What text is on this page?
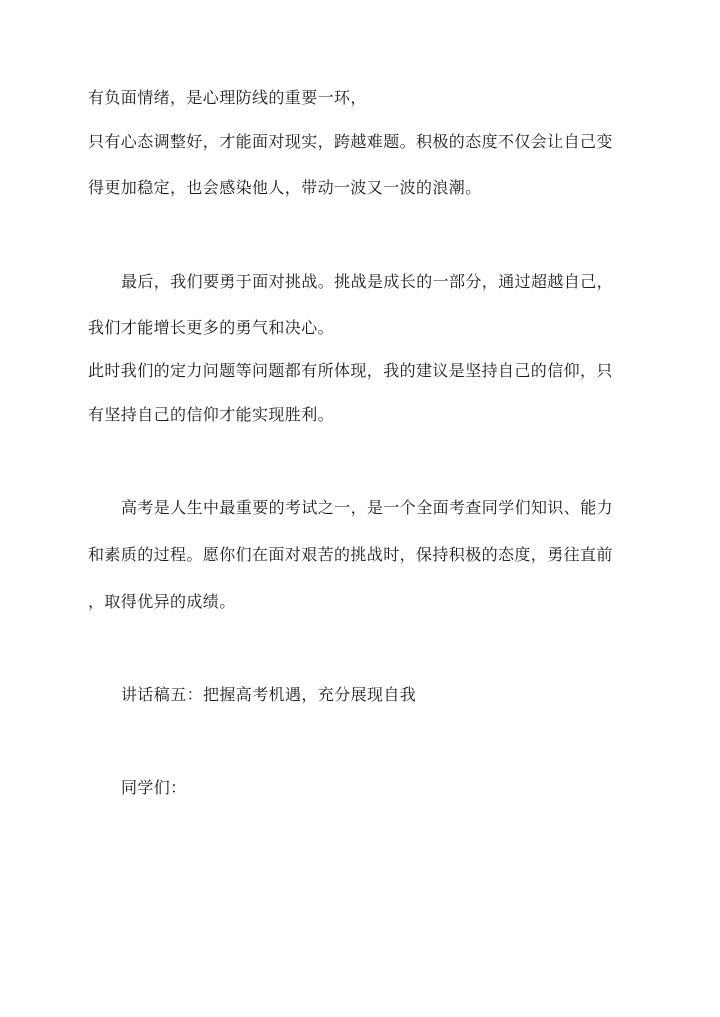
有负面情绪，是心理防线的重要一环，
只有心态调整好，才能面对现实，跨越难题。积极的态度不仅会让自己变
得更加稳定，也会感染他人，带动一波又一波的浪潮。
最后，我们要勇于面对挑战。挑战是成长的一部分，通过超越自己，
我们才能增长更多的勇气和决心。
此时我们的定力问题等问题都有所体现，我的建议是坚持自己的信仰，只
有坚持自己的信仰才能实现胜利。
高考是人生中最重要的考试之一，是一个全面考查同学们知识、能力
和素质的过程。愿你们在面对艰苦的挑战时，保持积极的态度，勇往直前
，取得优异的成绩。
讲话稿五：把握高考机遇，充分展现自我
同学们：
